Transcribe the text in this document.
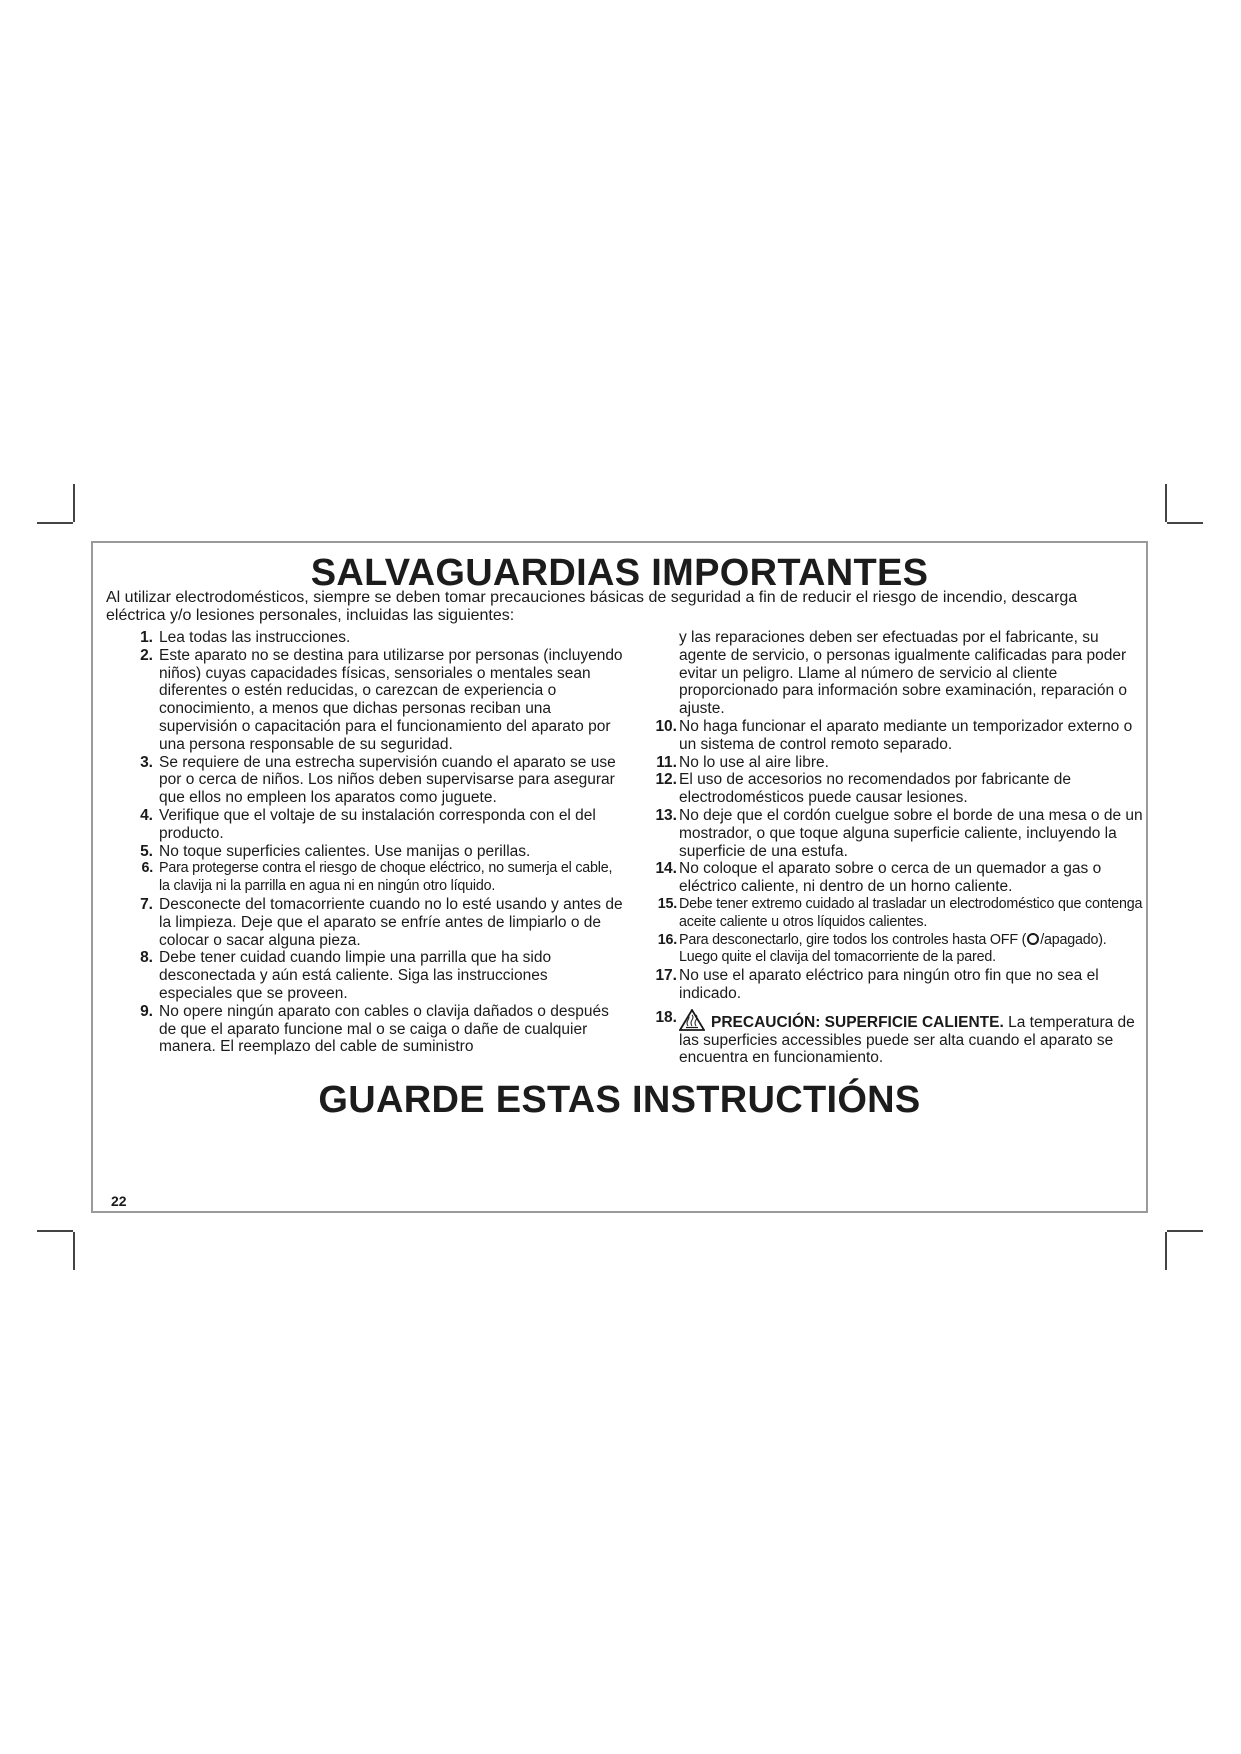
SALVAGUARDIAS IMPORTANTES
Al utilizar electrodomésticos, siempre se deben tomar precauciones básicas de seguridad a fin de reducir el riesgo de incendio, descarga eléctrica y/o lesiones personales, incluidas las siguientes:
1. Lea todas las instrucciones.
2. Este aparato no se destina para utilizarse por personas (incluyendo niños) cuyas capacidades físicas, sensoriales o mentales sean diferentes o estén reducidas, o carezcan de experiencia o conocimiento, a menos que dichas personas reciban una supervisión o capacitación para el funcionamiento del aparato por una persona responsable de su seguridad.
3. Se requiere de una estrecha supervisión cuando el aparato se use por o cerca de niños. Los niños deben supervisarse para asegurar que ellos no empleen los aparatos como juguete.
4. Verifique que el voltaje de su instalación corresponda con el del producto.
5. No toque superficies calientes. Use manijas o perillas.
6. Para protegerse contra el riesgo de choque eléctrico, no sumerja el cable, la clavija ni la parrilla en agua ni en ningún otro líquido.
7. Desconecte del tomacorriente cuando no lo esté usando y antes de la limpieza. Deje que el aparato se enfríe antes de limpiarlo o de colocar o sacar alguna pieza.
8. Debe tener cuidad cuando limpie una parrilla que ha sido desconectada y aún está caliente. Siga las instrucciones especiales que se proveen.
9. No opere ningún aparato con cables o clavija dañados o después de que el aparato funcione mal o se caiga o dañe de cualquier manera. El reemplazo del cable de suministro
y las reparaciones deben ser efectuadas por el fabricante, su agente de servicio, o personas igualmente calificadas para poder evitar un peligro. Llame al número de servicio al cliente proporcionado para información sobre examinación, reparación o ajuste.
10. No haga funcionar el aparato mediante un temporizador externo o un sistema de control remoto separado.
11. No lo use al aire libre.
12. El uso de accesorios no recomendados por fabricante de electrodomésticos puede causar lesiones.
13. No deje que el cordón cuelgue sobre el borde de una mesa o de un mostrador, o que toque alguna superficie caliente, incluyendo la superficie de una estufa.
14. No coloque el aparato sobre o cerca de un quemador a gas o eléctrico caliente, ni dentro de un horno caliente.
15. Debe tener extremo cuidado al trasladar un electrodoméstico que contenga aceite caliente u otros líquidos calientes.
16. Para desconectarlo, gire todos los controles hasta OFF ( /apagado). Luego quite el clavija del tomacorriente de la pared.
17. No use el aparato eléctrico para ningún otro fin que no sea el indicado.
18.	PRECAUCIÓN: SUPERFICIE CALIENTE. La temperatura de las superficies accessibles puede ser alta cuando el aparato se encuentra en funcionamiento.
GUARDE ESTAS INSTRUCTIÓNS
22
